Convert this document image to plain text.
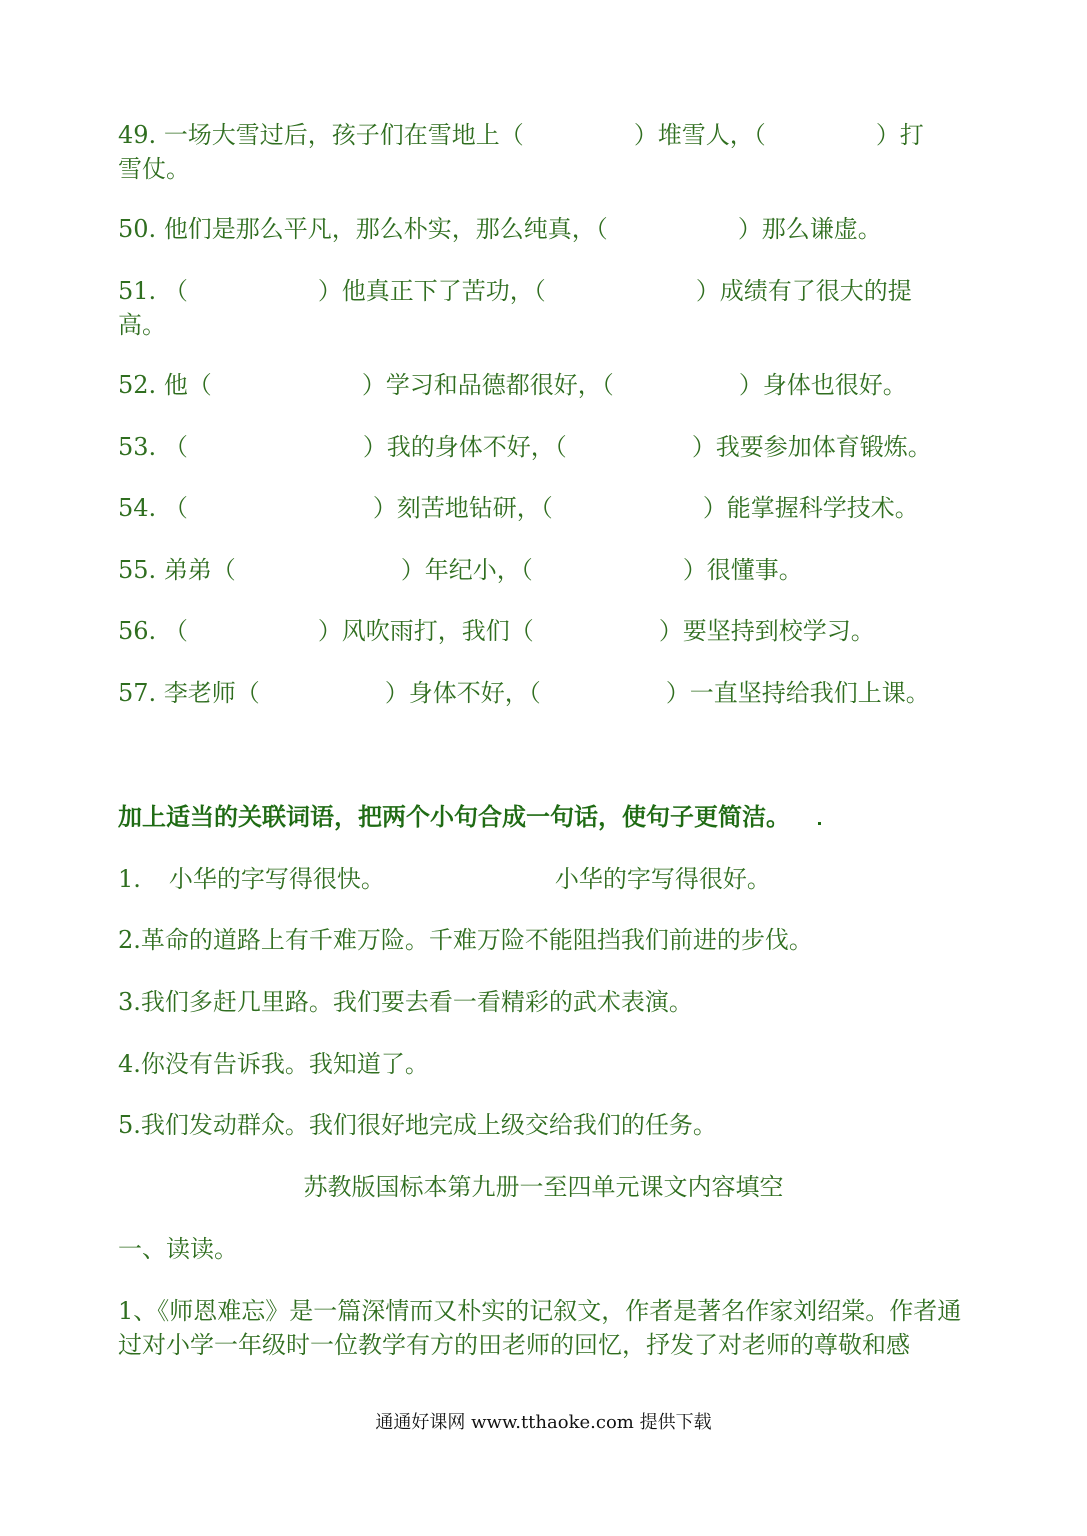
49. 一场大雪过后，孩子们在雪地上（	）堆雪人，（	）打
雪仗。
50. 他们是那么平凡，那么朴实，那么纯真，（	）那么谦虚。
51. （	）他真正下了苦功，（	）成绩有了很大的提
高。
52. 他（	）学习和品德都很好，（	）身体也很好。
53. （	）我的身体不好，（	）我要参加体育锻炼。
54. （	）刻苦地钻研，（	）能掌握科学技术。
55. 弟弟（	）年纪小，（	）很懂事。
56. （	）风吹雨打，我们（	）要坚持到校学习。
57. 李老师（	）身体不好，（	）一直坚持给我们上课。
加上适当的关联词语，把两个小句合成一句话，使句子更简洁。
1. 小华的字写得很快。	小华的字写得很好。
2.革命的道路上有千难万险。千难万险不能阻挡我们前进的步伐。
3.我们多赶几里路。我们要去看一看精彩的武术表演。
4.你没有告诉我。我知道了。
5.我们发动群众。我们很好地完成上级交给我们的任务。
苏教版国标本第九册一至四单元课文内容填空
一、读读。
1、《师恩难忘》是一篇深情而又朴实的记叙文，作者是著名作家刘绍棠。作者通过对小学一年级时一位教学有方的田老师的回忆，抒发了对老师的尊敬和感
通通好课网 www.tthaoke.com 提供下载
